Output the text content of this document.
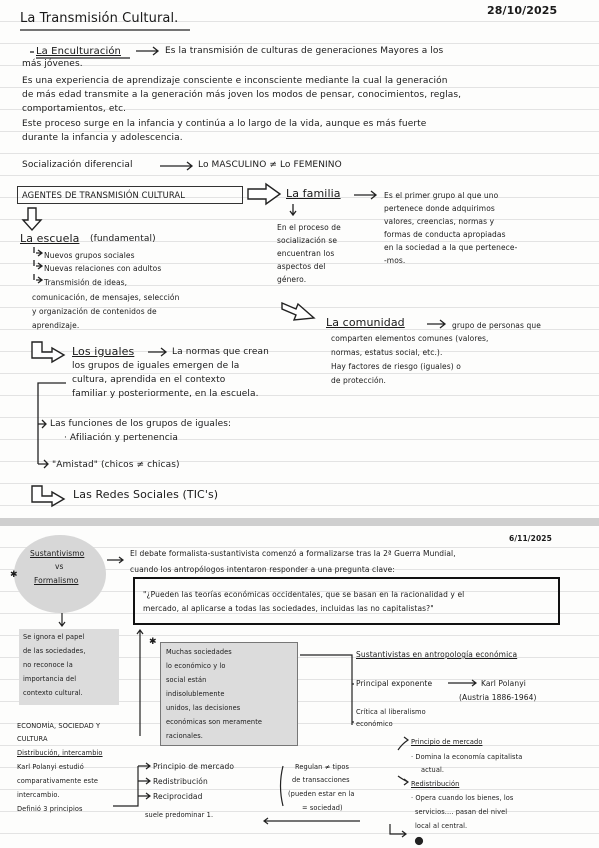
La Transmisión Cultural.
28/10/2025
La Enculturación	Es la transmisión de culturas de generaciones Mayores a los
más jóvenes.
Es una experiencia de aprendizaje consciente e inconsciente mediante la cual la generación
de más edad transmite a la generación más joven los modos de pensar, conocimientos, reglas,
comportamientos, etc.
Este proceso surge en la infancia y continúa a lo largo de la vida, aunque es más fuerte
durante la infancia y adolescencia.
Socialización diferencial	Lo MASCULINO ≠ Lo FEMENINO
AGENTES DE TRANSMISIÓN CULTURAL	La familia	Es el primer grupo al que uno
pertenece donde adquirimos
valores, creencias, normas y
formas de conducta apropiadas
en la sociedad a la que pertenece-
-mos.
En el proceso de
socialización se
encuentran los
aspectos del
género.
La escuela (fundamental)
Nuevos grupos sociales
Nuevas relaciones con adultos
Transmisión de ideas,
comunicación, de mensajes, selección
y organización de contenidos de
aprendizaje.	La comunidad	grupo de personas que
comparten elementos comunes (valores,
normas, estatus social, etc.).
Hay factores de riesgo (iguales) o
de protección.
Los iguales	La normas que crean
los grupos de iguales emergen de la
cultura, aprendida en el contexto
familiar y posteriormente, en la escuela.
Las funciones de los grupos de iguales:
· Afiliación y pertenencia
"Amistad" (chicos ≠ chicas)
Las Redes Sociales (TIC's)
Sustantivismo
vs
Formalismo
✱
6/11/2025
El debate formalista-sustantivista comenzó a formalizarse tras la 2ª Guerra Mundial,
cuando los antropólogos intentaron responder a una pregunta clave:
"¿Pueden las teorías económicas occidentales, que se basan en la racionalidad y el
mercado, al aplicarse a todas las sociedades, incluidas las no capitalistas?"
Se ignora el papel
de las sociedades,
no reconoce la
importancia del
contexto cultural.
✱
Muchas sociedades
lo económico y lo
social están
indisolublemente
unidos, las decisiones
económicas son meramente
racionales.
Sustantivistas en antropología económica
Principal exponente	Karl Polanyi
(Austria 1886-1964)
Crítica al liberalismo
económico
ECONOMÍA, SOCIEDAD Y
CULTURA
Distribución, intercambio
Karl Polanyi estudió
comparativamente este
intercambio.
Definió 3 principios
Principio de mercado
Redistribución
Reciprocidad
suele predominar 1.
Regulan ≠ tipos
de transacciones
(pueden estar en la
= sociedad)
Principio de mercado
· Domina la economía capitalista
actual.
Redistribución
· Opera cuando los bienes, los
servicios.... pasan del nivel
local al central.
